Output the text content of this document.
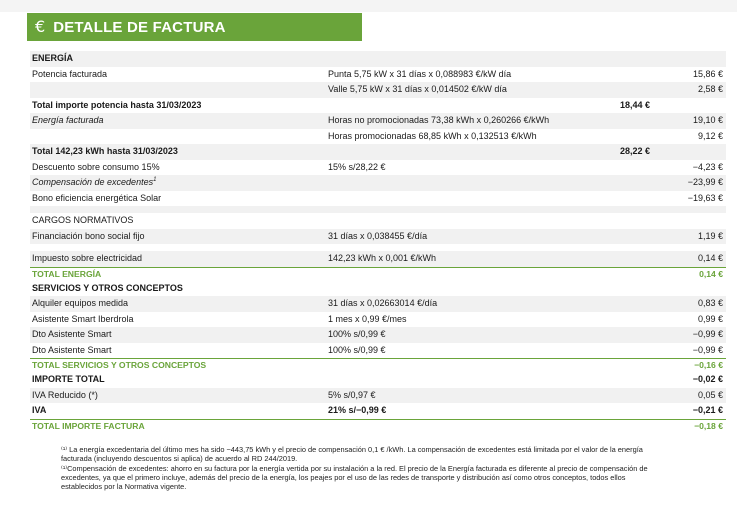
€ DETALLE DE FACTURA
ENERGÍA
Potencia facturada	Punta 5,75 kW x 31 días x 0,088983 €/kW día	15,86 €
Valle 5,75 kW x 31 días x 0,014502 €/kW día	2,58 €
Total importe potencia hasta 31/03/2023	18,44 €
Energía facturada	Horas no promocionadas 73,38 kWh x 0,260266 €/kWh	19,10 €
Horas promocionadas 68,85 kWh x 0,132513 €/kWh	9,12 €
Total 142,23 kWh hasta 31/03/2023	28,22 €
Descuento sobre consumo 15%	15% s/28,22 €	−4,23 €
Compensación de excedentes$^1$	−23,99 €
Bono eficiencia energética Solar	−19,63 €
CARGOS NORMATIVOS
Financiación bono social fijo	31 días x 0,038455 €/día	1,19 €
Impuesto sobre electricidad	142,23 kWh x 0,001 €/kWh	0,14 €
TOTAL ENERGÍA	0,14 €
SERVICIOS Y OTROS CONCEPTOS
Alquiler equipos medida	31 días x 0,02663014 €/día	0,83 €
Asistente Smart Iberdrola	1 mes x 0,99 €/mes	0,99 €
Dto Asistente Smart	100% s/0,99 €	−0,99 €
Dto Asistente Smart	100% s/0,99 €	−0,99 €
TOTAL SERVICIOS Y OTROS CONCEPTOS	−0,16 €
IMPORTE TOTAL	−0,02 €
IVA Reducido (*)	5% s/0,97 €	0,05 €
IVA	21% s/−0,99 €	−0,21 €
TOTAL IMPORTE FACTURA	−0,18 €

⁽¹⁾ La energía excedentaria del último mes ha sido −443,75 kWh y el precio de compensación 0,1 € /kWh. La compensación de excedentes está limitada por el valor de la energía facturada (incluyendo descuentos si aplica) de acuerdo al RD 244/2019.

⁽¹⁾Compensación de excedentes: ahorro en su factura por la energía vertida por su instalación a la red. El precio de la Energía facturada es diferente al precio de compensación de excedentes, ya que el primero incluye, además del precio de la energía, los peajes por el uso de las redes de transporte y distribución así como otros conceptos, todos ellos establecidos por la Normativa vigente.
